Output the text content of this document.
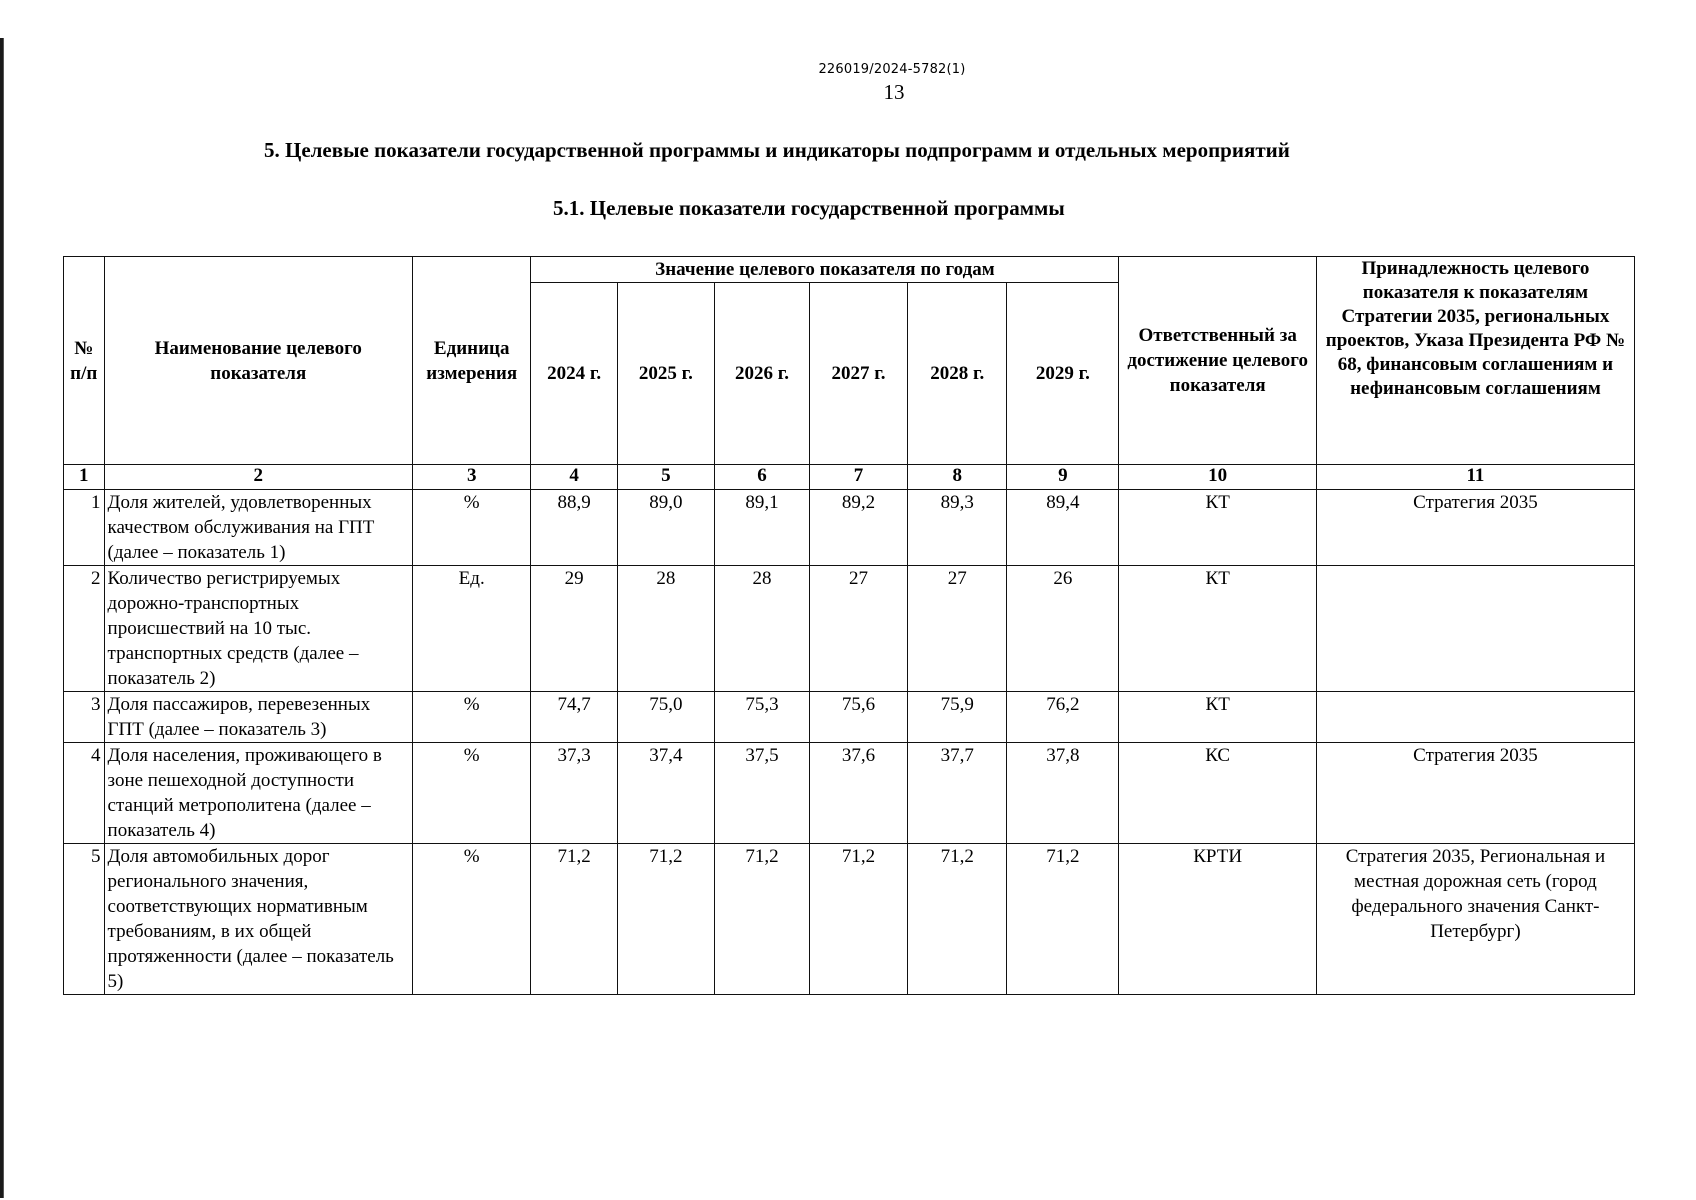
226019/2024-5782(1)
13
5. Целевые показатели государственной программы и индикаторы подпрограмм и отдельных мероприятий
5.1. Целевые показатели государственной программы
№ п/п	Наименование целевого показателя	Единица измерения	Значение целевого показателя по годам						Ответственный за достижение целевого показателя	Принадлежность целевого показателя к показателям Стратегии 2035, региональных проектов, Указа Президента РФ № 68, финансовым соглашениям и нефинансовым соглашениям
			2024 г.	2025 г.	2026 г.	2027 г.	2028 г.	2029 г.		
1	2	3	4	5	6	7	8	9	10	11
1	Доля жителей, удовлетворенных качеством обслуживания на ГПТ (далее – показатель 1)	%	88,9	89,0	89,1	89,2	89,3	89,4	КТ	Стратегия 2035
2	Количество регистрируемых дорожно-транспортных происшествий на 10 тыс. транспортных средств (далее – показатель 2)	Ед.	29	28	28	27	27	26	КТ	
3	Доля пассажиров, перевезенных ГПТ (далее – показатель 3)	%	74,7	75,0	75,3	75,6	75,9	76,2	КТ	
4	Доля населения, проживающего в зоне пешеходной доступности станций метрополитена (далее – показатель 4)	%	37,3	37,4	37,5	37,6	37,7	37,8	КС	Стратегия 2035
5	Доля автомобильных дорог регионального значения, соответствующих нормативным требованиям, в их общей протяженности (далее – показатель 5)	%	71,2	71,2	71,2	71,2	71,2	71,2	КРТИ	Стратегия 2035, Региональная и местная дорожная сеть (город федерального значения Санкт-Петербург)
